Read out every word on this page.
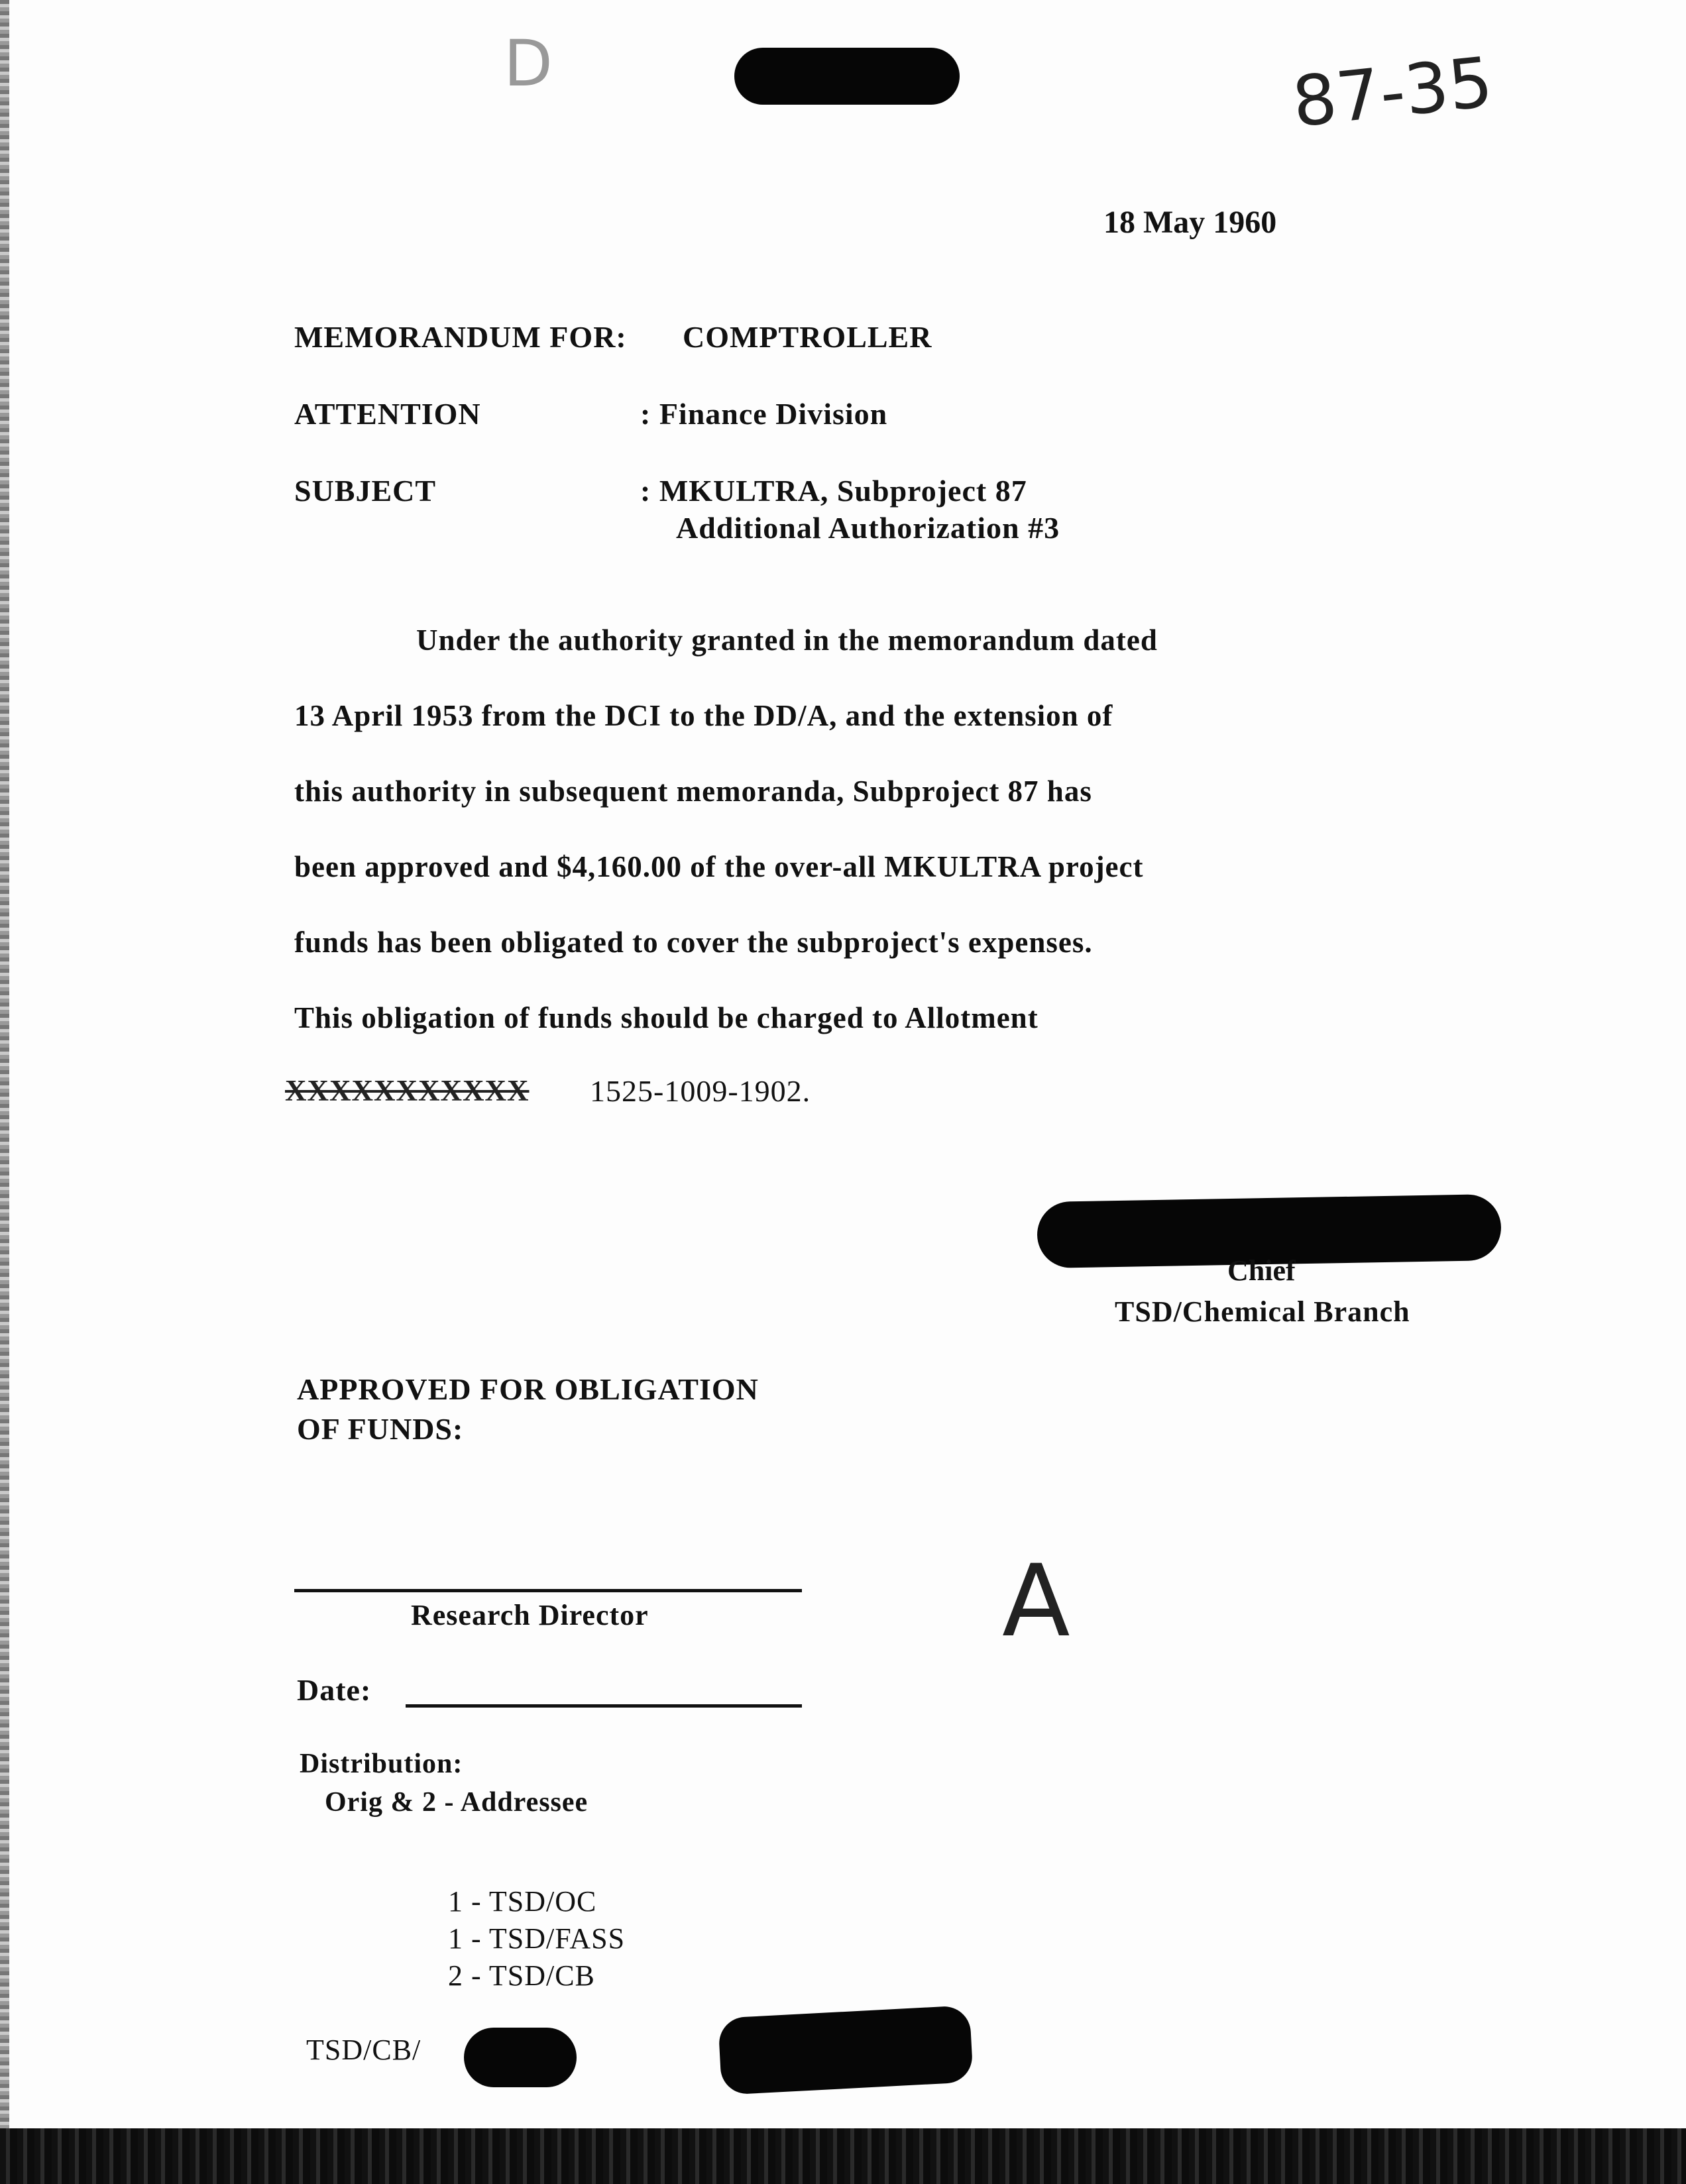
D	87-35
18 May 1960
MEMORANDUM FOR: COMPTROLLER
ATTENTION	: Finance Division
SUBJECT	: MKULTRA, Subproject 87
Additional Authorization #3
Under the authority granted in the memorandum dated
13 April 1953 from the DCI to the DD/A, and the extension of
this authority in subsequent memoranda, Subproject 87 has
been approved and $4,160.00 of the over-all MKULTRA project
funds has been obligated to cover the subproject's expenses.
This obligation of funds should be charged to Allotment
XXXXXXXXXXX 1525-1009-1902.
Chief
TSD/Chemical Branch
APPROVED FOR OBLIGATION
OF FUNDS:
Research Director	A
Date:
Distribution:
Orig & 2 - Addressee
1 - TSD/OC
1 - TSD/FASS
2 - TSD/CB
TSD/CB/
